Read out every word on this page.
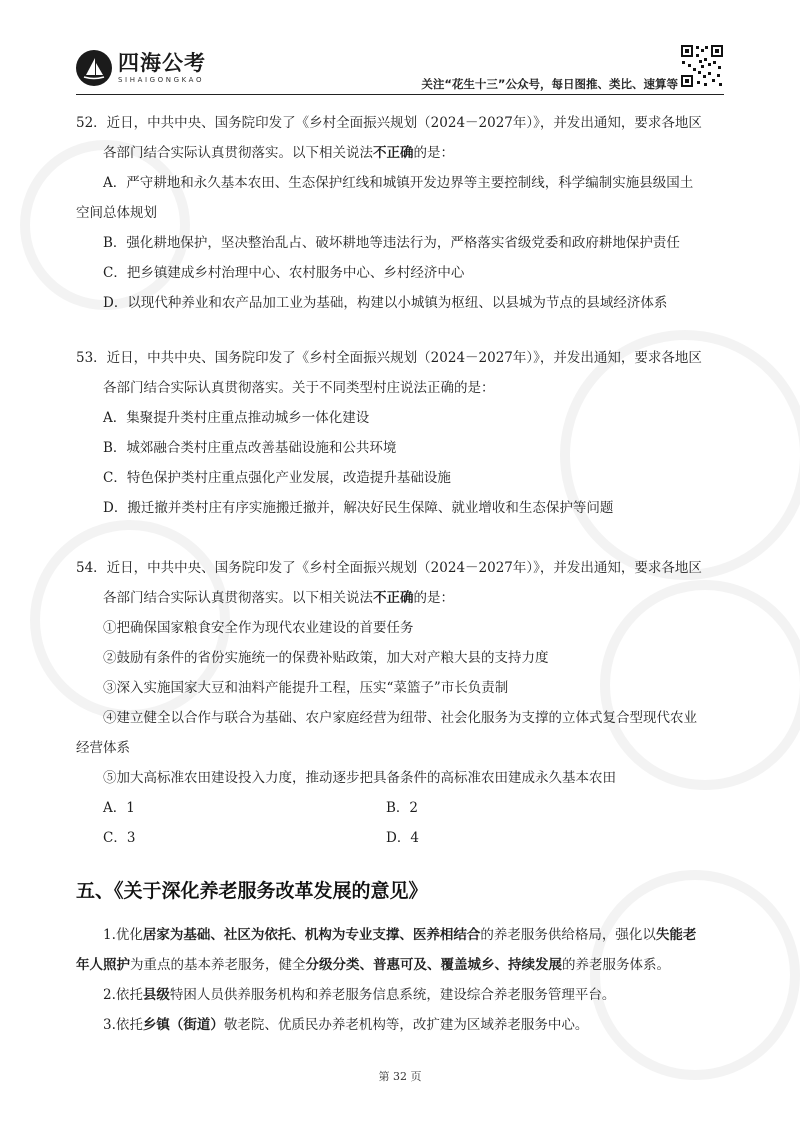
四海公考
SIHAIGONGKAO	关注“花生十三”公众号，每日图推、类比、速算等

52．近日，中共中央、国务院印发了《乡村全面振兴规划（2024－2027年）》，并发出通知，要求各地区

各部门结合实际认真贯彻落实。以下相关说法不正确的是：

A．严守耕地和永久基本农田、生态保护红线和城镇开发边界等主要控制线，科学编制实施县级国土

空间总体规划

B．强化耕地保护，坚决整治乱占、破坏耕地等违法行为，严格落实省级党委和政府耕地保护责任

C．把乡镇建成乡村治理中心、农村服务中心、乡村经济中心

D．以现代种养业和农产品加工业为基础，构建以小城镇为枢纽、以县城为节点的县域经济体系

53．近日，中共中央、国务院印发了《乡村全面振兴规划（2024－2027年）》，并发出通知，要求各地区

各部门结合实际认真贯彻落实。关于不同类型村庄说法正确的是：

A．集聚提升类村庄重点推动城乡一体化建设

B．城郊融合类村庄重点改善基础设施和公共环境

C．特色保护类村庄重点强化产业发展，改造提升基础设施

D．搬迁撤并类村庄有序实施搬迁撤并，解决好民生保障、就业增收和生态保护等问题

54．近日，中共中央、国务院印发了《乡村全面振兴规划（2024－2027年）》，并发出通知，要求各地区

各部门结合实际认真贯彻落实。以下相关说法不正确的是：

①把确保国家粮食安全作为现代农业建设的首要任务

②鼓励有条件的省份实施统一的保费补贴政策，加大对产粮大县的支持力度

③深入实施国家大豆和油料产能提升工程，压实“菜篮子”市长负责制

④建立健全以合作与联合为基础、农户家庭经营为纽带、社会化服务为支撑的立体式复合型现代农业

经营体系

⑤加大高标准农田建设投入力度，推动逐步把具备条件的高标准农田建成永久基本农田

A．1	B．2
C．3	D．4
五、《关于深化养老服务改革发展的意见》

1.优化居家为基础、社区为依托、机构为专业支撑、医养相结合的养老服务供给格局，强化以失能老
年人照护为重点的基本养老服务，健全分级分类、普惠可及、覆盖城乡、持续发展的养老服务体系。

2.依托县级特困人员供养服务机构和养老服务信息系统，建设综合养老服务管理平台。

3.依托乡镇（街道）敬老院、优质民办养老机构等，改扩建为区域养老服务中心。

第 32 页
